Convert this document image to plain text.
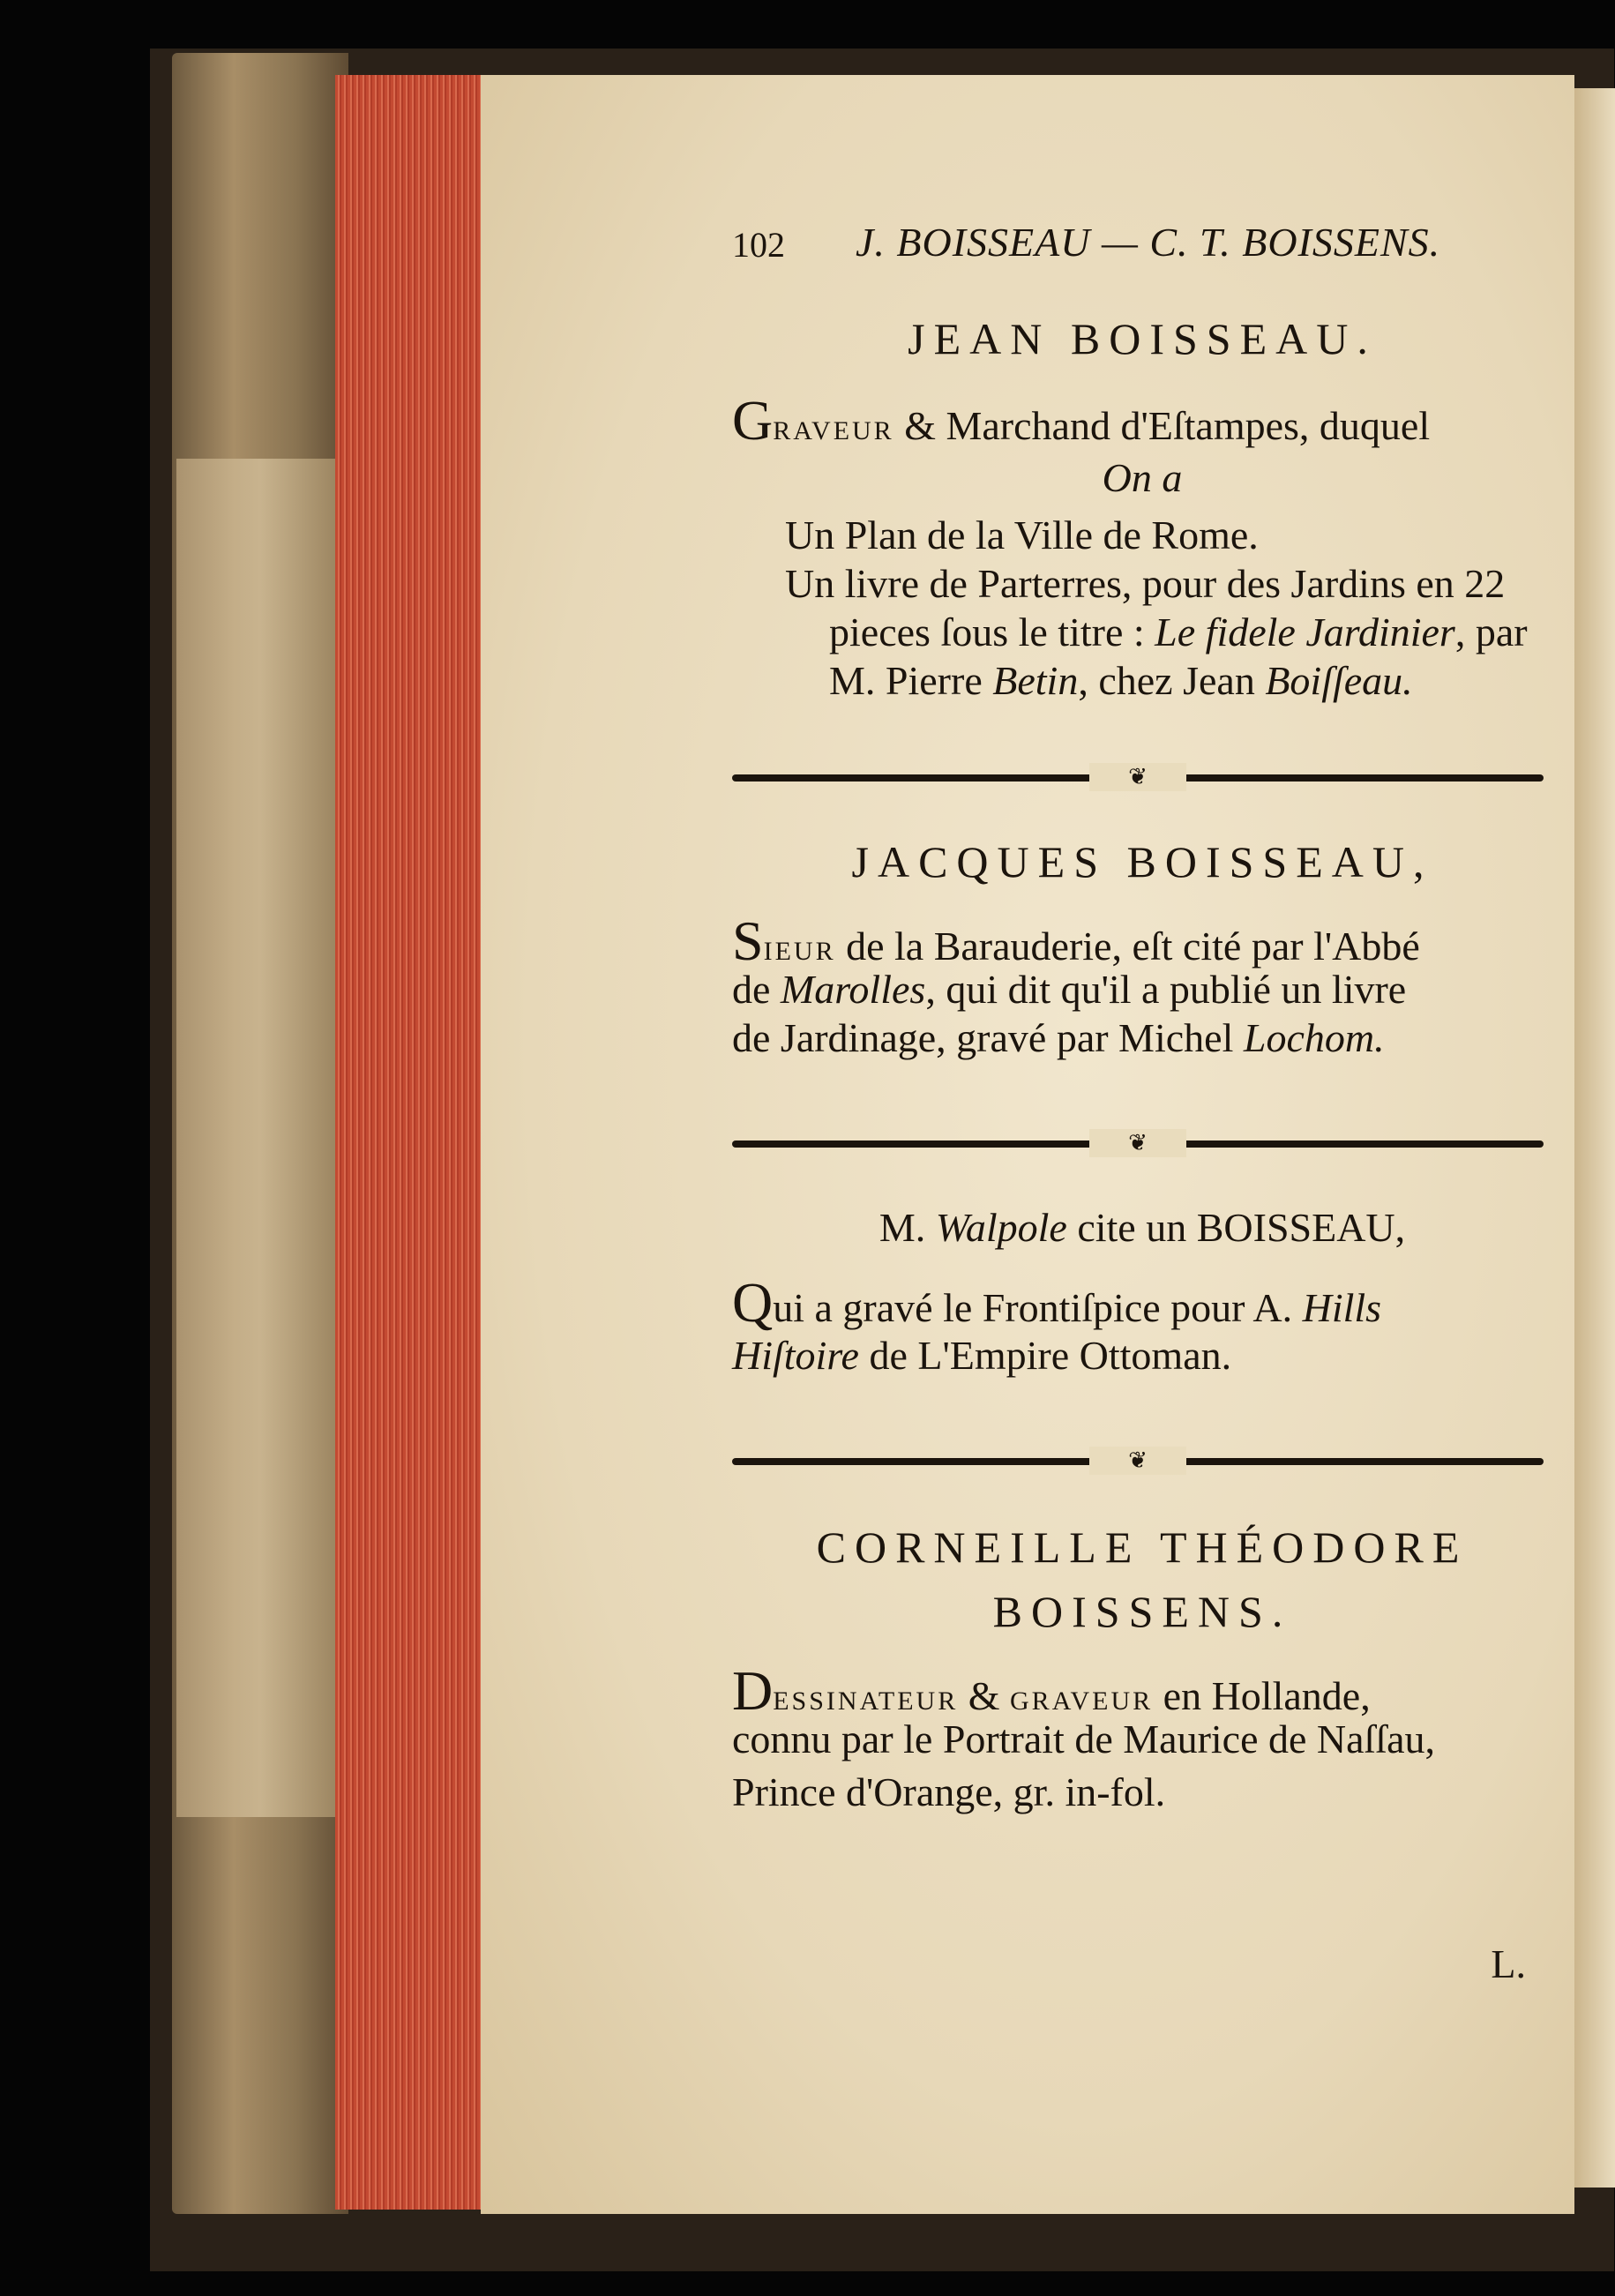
102 J. BOISSEAU — C. T. BOISSENS.
JEAN BOISSEAU.
GRAVEUR & Marchand d'Eſtampes, duquel
On a
Un Plan de la Ville de Rome.
Un livre de Parterres, pour des Jardins en 22
pieces ſous le titre : Le fidele Jardinier, par
M. Pierre Betin, chez Jean Boiſſeau.
❦
JACQUES BOISSEAU,
SIEUR de la Barauderie, eſt cité par l'Abbé
de Marolles, qui dit qu'il a publié un livre
de Jardinage, gravé par Michel Lochom.
❦
M. Walpole cite un BOISSEAU,
Qui a gravé le Frontiſpice pour A. Hills
Hiſtoire de L'Empire Ottoman.
❦
CORNEILLE THÉODORE
BOISSENS.
DESSINATEUR & GRAVEUR en Hollande,
connu par le Portrait de Maurice de Naſſau,
Prince d'Orange, gr. in-fol.
L.
